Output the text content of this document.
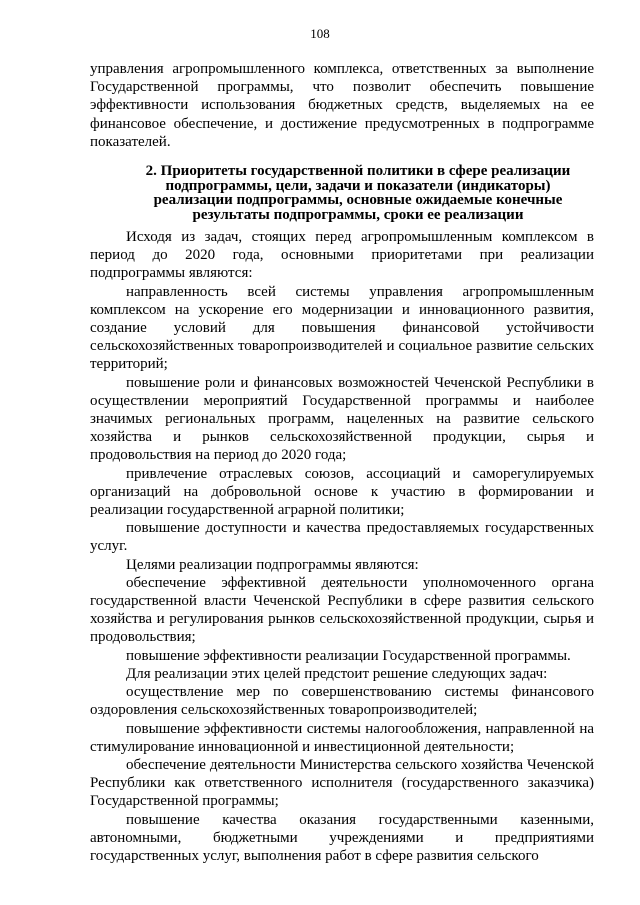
108

управления агропромышленного комплекса, ответственных за выполнение Государственной программы, что позволит обеспечить повышение эффективности использования бюджетных средств, выделяемых на ее финансовое обеспечение, и достижение предусмотренных в подпрограмме показателей.

2. Приоритеты государственной политики в сфере реализации подпрограммы, цели, задачи и показатели (индикаторы) реализации подпрограммы, основные ожидаемые конечные результаты подпрограммы, сроки ее реализации

Исходя из задач, стоящих перед агропромышленным комплексом в период до 2020 года, основными приоритетами при реализации подпрограммы являются:

направленность всей системы управления агропромышленным комплексом на ускорение его модернизации и инновационного развития, создание условий для повышения финансовой устойчивости сельскохозяйственных товаропроизводителей и социальное развитие сельских территорий;

повышение роли и финансовых возможностей Чеченской Республики в осуществлении мероприятий Государственной программы и наиболее значимых региональных программ, нацеленных на развитие сельского хозяйства и рынков сельскохозяйственной продукции, сырья и продовольствия на период до 2020 года;

привлечение отраслевых союзов, ассоциаций и саморегулируемых организаций на добровольной основе к участию в формировании и реализации государственной аграрной политики;

повышение доступности и качества предоставляемых государственных услуг.

Целями реализации подпрограммы являются:

обеспечение эффективной деятельности уполномоченного органа государственной власти Чеченской Республики в сфере развития сельского хозяйства и регулирования рынков сельскохозяйственной продукции, сырья и продовольствия;

повышение эффективности реализации Государственной программы.

Для реализации этих целей предстоит решение следующих задач:

осуществление мер по совершенствованию системы финансового оздоровления сельскохозяйственных товаропроизводителей;

повышение эффективности системы налогообложения, направленной на стимулирование инновационной и инвестиционной деятельности;

обеспечение деятельности Министерства сельского хозяйства Чеченской Республики как ответственного исполнителя (государственного заказчика) Государственной программы;

повышение качества оказания государственными казенными, автономными, бюджетными учреждениями и предприятиями государственных услуг, выполнения работ в сфере развития сельского
